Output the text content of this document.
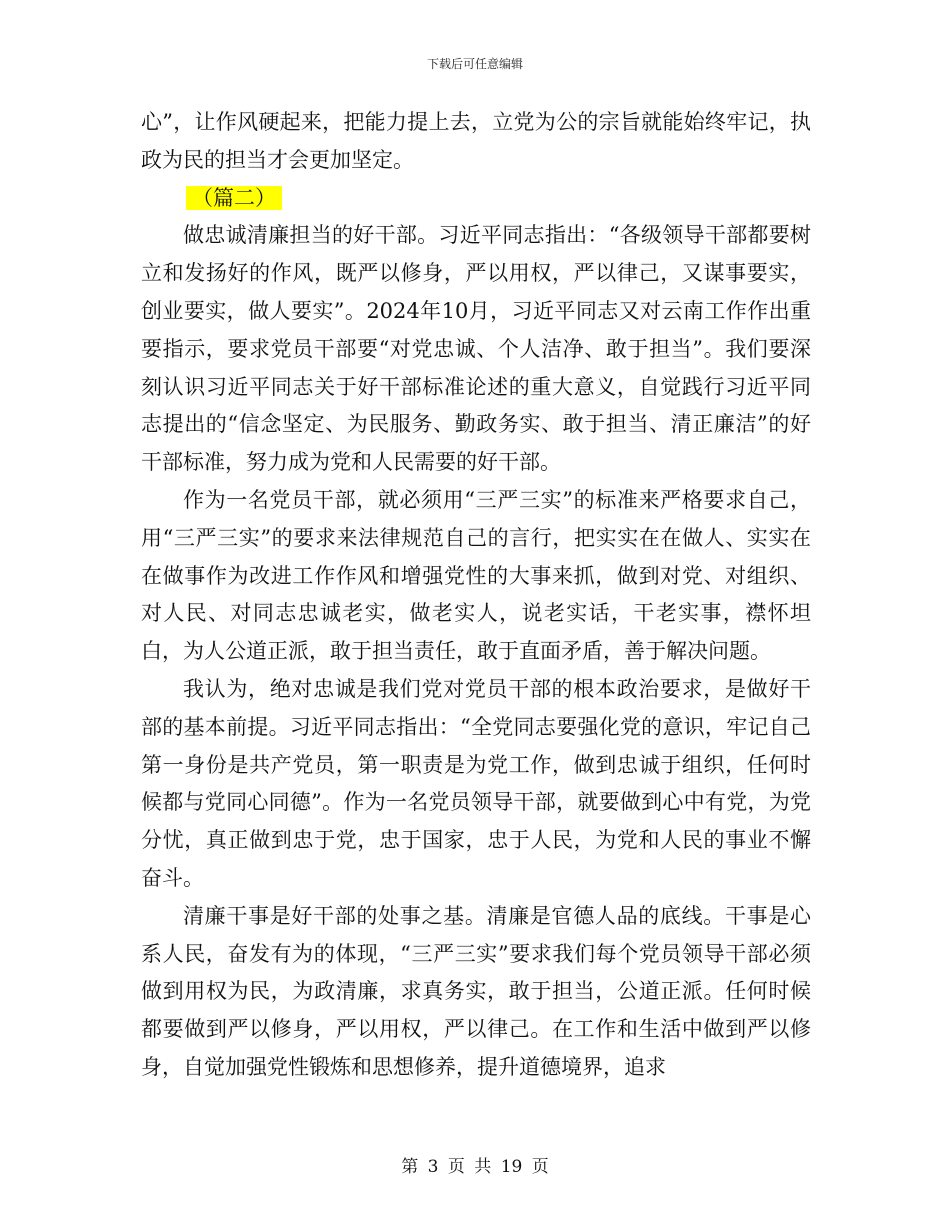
下载后可任意编辑

心”，让作风硬起来，把能力提上去，立党为公的宗旨就能始终牢记，执政为民的担当才会更加坚定。

（篇二）

做忠诚清廉担当的好干部。习近平同志指出：“各级领导干部都要树立和发扬好的作风，既严以修身，严以用权，严以律己，又谋事要实，创业要实，做人要实”。2024年10月，习近平同志又对云南工作作出重要指示，要求党员干部要“对党忠诚、个人洁净、敢于担当”。我们要深刻认识习近平同志关于好干部标准论述的重大意义，自觉践行习近平同志提出的“信念坚定、为民服务、勤政务实、敢于担当、清正廉洁”的好干部标准，努力成为党和人民需要的好干部。

作为一名党员干部，就必须用“三严三实”的标准来严格要求自己，用“三严三实”的要求来法律规范自己的言行，把实实在在做人、实实在在做事作为改进工作作风和增强党性的大事来抓，做到对党、对组织、对人民、对同志忠诚老实，做老实人，说老实话，干老实事，襟怀坦白，为人公道正派，敢于担当责任，敢于直面矛盾，善于解决问题。

我认为，绝对忠诚是我们党对党员干部的根本政治要求，是做好干部的基本前提。习近平同志指出：“全党同志要强化党的意识，牢记自己第一身份是共产党员，第一职责是为党工作，做到忠诚于组织，任何时候都与党同心同德”。作为一名党员领导干部，就要做到心中有党，为党分忧，真正做到忠于党，忠于国家，忠于人民，为党和人民的事业不懈奋斗。

清廉干事是好干部的处事之基。清廉是官德人品的底线。干事是心系人民，奋发有为的体现，“三严三实”要求我们每个党员领导干部必须做到用权为民，为政清廉，求真务实，敢于担当，公道正派。任何时候都要做到严以修身，严以用权，严以律己。在工作和生活中做到严以修身，自觉加强党性锻炼和思想修养，提升道德境界，追求

第 3 页 共 19 页
